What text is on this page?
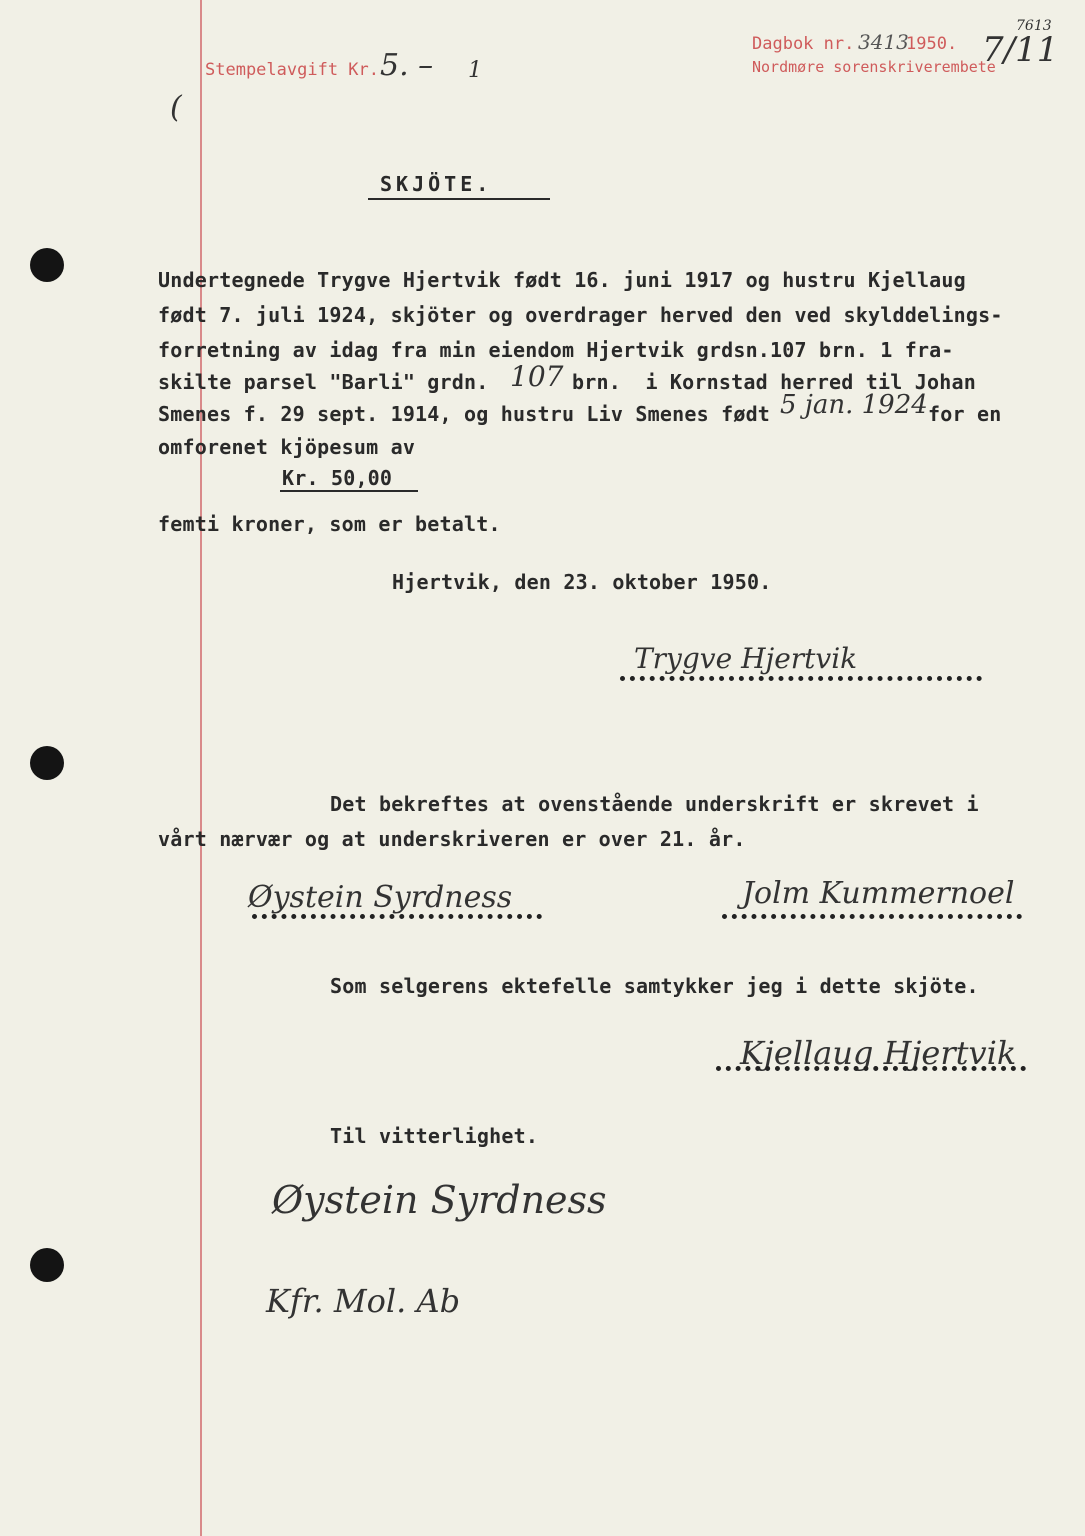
Stempelavgift Kr. 5. – 1
(
Dagbok nr. 3413
1950.
7613
7/11
Nordmøre sorenskriverembete
SKJÖTE.
Undertegnede Trygve Hjertvik født 16. juni 1917 og hustru Kjellaug
født 7. juli 1924, skjöter og overdrager herved den ved skylddelings-
forretning av idag fra min eiendom Hjertvik grdsn.107 brn. 1 fra-
skilte parsel "Barli" grdn. 107 brn.  i Kornstad herred til Johan
Smenes f. 29 sept. 1914, og hustru Liv Smenes født 5 jan. 1924 for en
omforenet kjöpesum av
Kr. 50,00
femti kroner, som er betalt.
Hjertvik, den 23. oktober 1950.
Trygve Hjertvik
Det bekreftes at ovenstående underskrift er skrevet i
vårt nærvær og at underskriveren er over 21. år.
Øystein Syrdness	Jolm Kummernoel
Som selgerens ektefelle samtykker jeg i dette skjöte.
Kjellaug Hjertvik
Til vitterlighet.
Øystein Syrdness
Kfr. Mol. Ab
